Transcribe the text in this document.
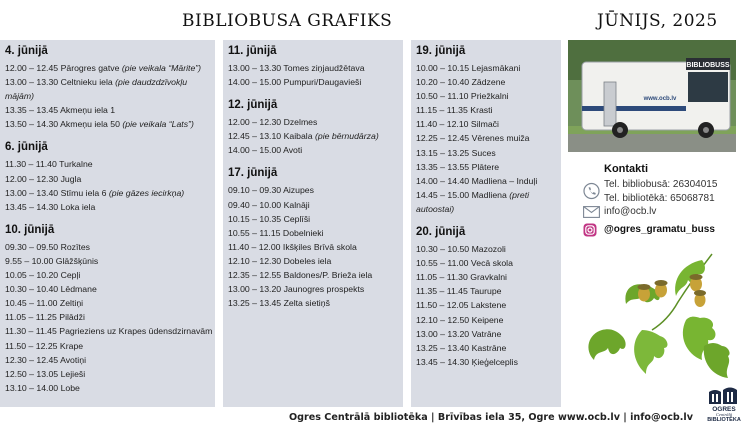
BIBLIOBUSA GRAFIKS	JŪNIJS, 2025
4. jūnijā
12.00 – 12.45 Pārogres gatve (pie veikala “Mārite”)
13.00 – 13.30 Celtnieku iela (pie daudzdzīvokļu mājām)
13.35 – 13.45 Akmeņu iela 1
13.50 – 14.30 Akmeņu iela 50 (pie veikala “Lats”)
6. jūnijā
11.30 – 11.40 Turkalne
12.00 – 12.30 Jugla
13.00 – 13.40 Stīmu iela 6 (pie gāzes iecirkņa)
13.45 – 14.30 Loka iela
10. jūnijā
09.30 – 09.50 Rozītes
9.55 – 10.00 Glāžšķūnis
10.05 – 10.20 Cepļi
10.30 – 10.40 Lēdmane
10.45 – 11.00 Zeltiņi
11.05 – 11.25 Pilādži
11.30 – 11.45 Pagrieziens uz Krapes ūdensdzirnavām
11.50 – 12.25 Krape
12.30 – 12.45 Avotiņi
12.50 – 13.05 Lejieši
13.10 – 14.00 Lobe
11. jūnijā
13.00 – 13.30 Tomes ziņjaudžētava
14.00 – 15.00 Pumpuri/Daugavieši
12. jūnijā
12.00 – 12.30 Dzelmes
12.45 – 13.10 Kaibala (pie bērnudārza)
14.00 – 15.00 Avoti
17. jūnijā
09.10 – 09.30 Aizupes
09.40 – 10.00 Kalnāji
10.15 – 10.35 Ceplīši
10.55 – 11.15 Dobelnieki
11.40 – 12.00 Ikšķiles Brīvā skola
12.10 – 12.30 Dobeles iela
12.35 – 12.55 Baldones/P. Brieža iela
13.00 – 13.20 Jaunogres prospekts
13.25 – 13.45 Zelta sietiņš
19. jūnijā
10.00 – 10.15 Lejasmākani
10.20 – 10.40 Zādzene
10.50 – 11.10 Priežkalni
11.15 – 11.35 Krasti
11.40 – 12.10 Silmači
12.25 – 12.45 Vērenes muiža
13.15 – 13.25 Suces
13.35 – 13.55 Plātere
14.00 – 14.40 Madliena – Induļi
14.45 – 15.00 Madliena (preti autoostai)
20. jūnijā
10.30 – 10.50 Mazozoli
10.55 – 11.00 Vecā skola
11.05 – 11.30 Gravkalni
11.35 – 11.45 Taurupe
11.50 – 12.05 Lakstene
12.10 – 12.50 Keipene
13.00 – 13.20 Vatrāne
13.25 – 13.40 Kastrāne
13.45 – 14.30 Ķieģelceplis
BIBLIOBUSS
www.ocb.lv
Kontakti
Tel. bibliobusā: 26304015
Tel. bibliotēkā: 65068781
info@ocb.lv
@ogres_gramatu_buss
OGRES
Centrālā
BIBLIOTĒKA
Ogres Centrālā bibliotēka | Brīvības iela 35, Ogre www.ocb.lv | info@ocb.lv
